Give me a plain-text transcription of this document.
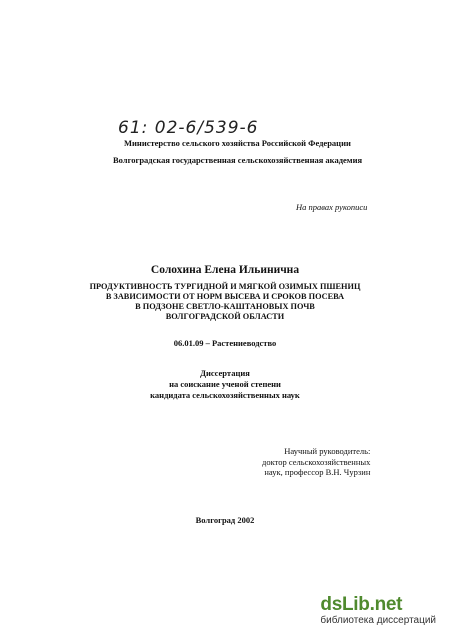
61: 02-6/539-6
Министерство сельского хозяйства Российской Федерации
Волгоградская государственная сельскохозяйственная академия
На правах рукописи
Солохина Елена Ильинична
ПРОДУКТИВНОСТЬ ТУРГИДНОЙ И МЯГКОЙ ОЗИМЫХ ПШЕНИЦ
В ЗАВИСИМОСТИ ОТ НОРМ ВЫСЕВА И СРОКОВ ПОСЕВА
В ПОДЗОНЕ СВЕТЛО-КАШТАНОВЫХ ПОЧВ
ВОЛГОГРАДСКОЙ ОБЛАСТИ
06.01.09 – Растениеводство
Диссертация
на соискание ученой степени
кандидата сельскохозяйственных наук
Научный руководитель:
доктор сельскохозяйственных
наук, профессор В.Н. Чурзин
Волгоград 2002
dsLib.net
библиотека диссертаций
